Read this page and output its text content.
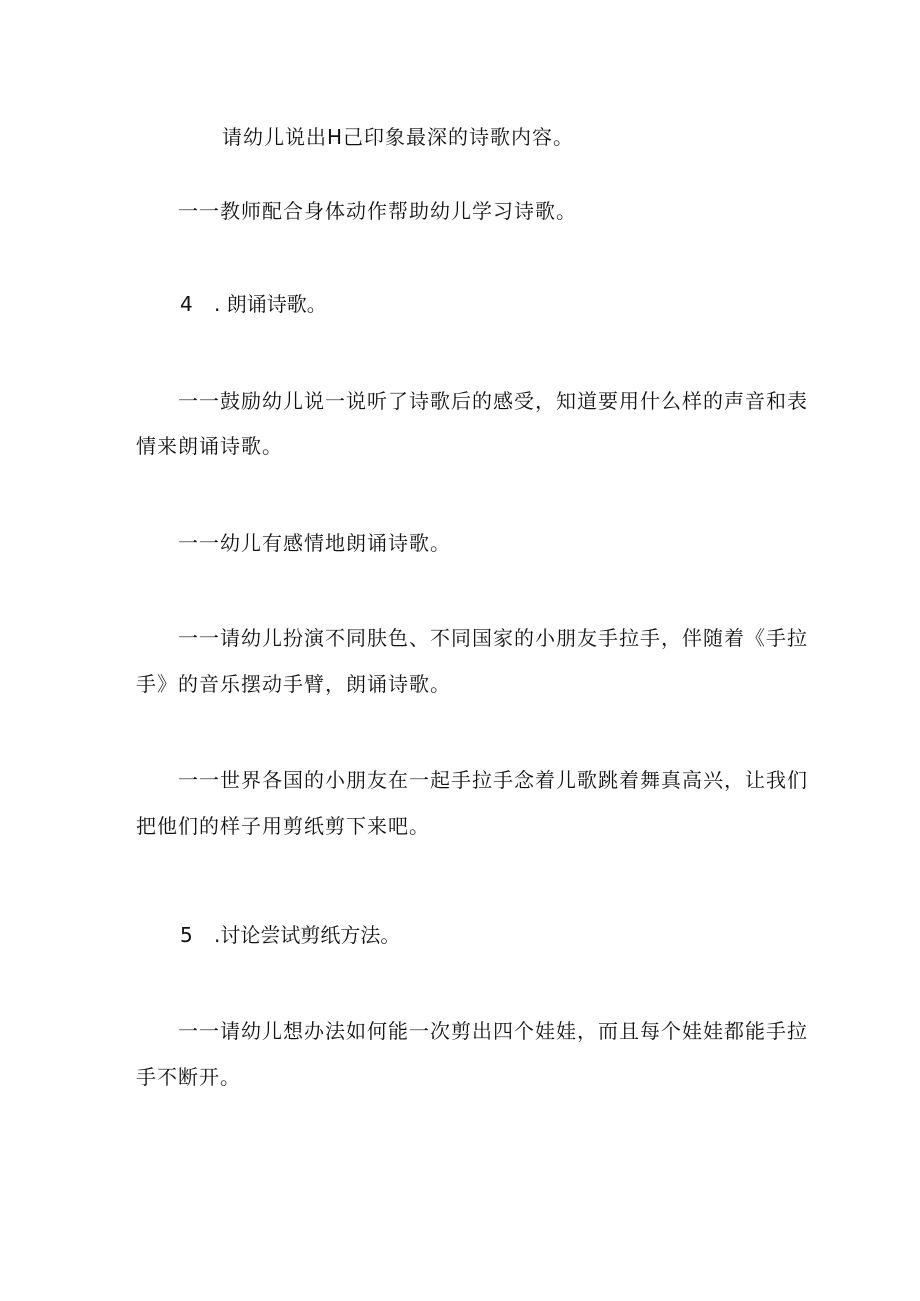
请幼儿说出H己印象最深的诗歌内容。

一一教师配合身体动作帮助幼儿学习诗歌。

4 . 朗诵诗歌。

一一鼓励幼儿说一说听了诗歌后的感受，知道要用什么样的声音和表

情来朗诵诗歌。

一一幼儿有感情地朗诵诗歌。

一一请幼儿扮演不同肤色、不同国家的小朋友手拉手，伴随着《手拉

手》的音乐摆动手臂，朗诵诗歌。

一一世界各国的小朋友在一起手拉手念着儿歌跳着舞真高兴，让我们

把他们的样子用剪纸剪下来吧。

5 .讨论尝试剪纸方法。

一一请幼儿想办法如何能一次剪出四个娃娃，而且每个娃娃都能手拉

手不断开。
